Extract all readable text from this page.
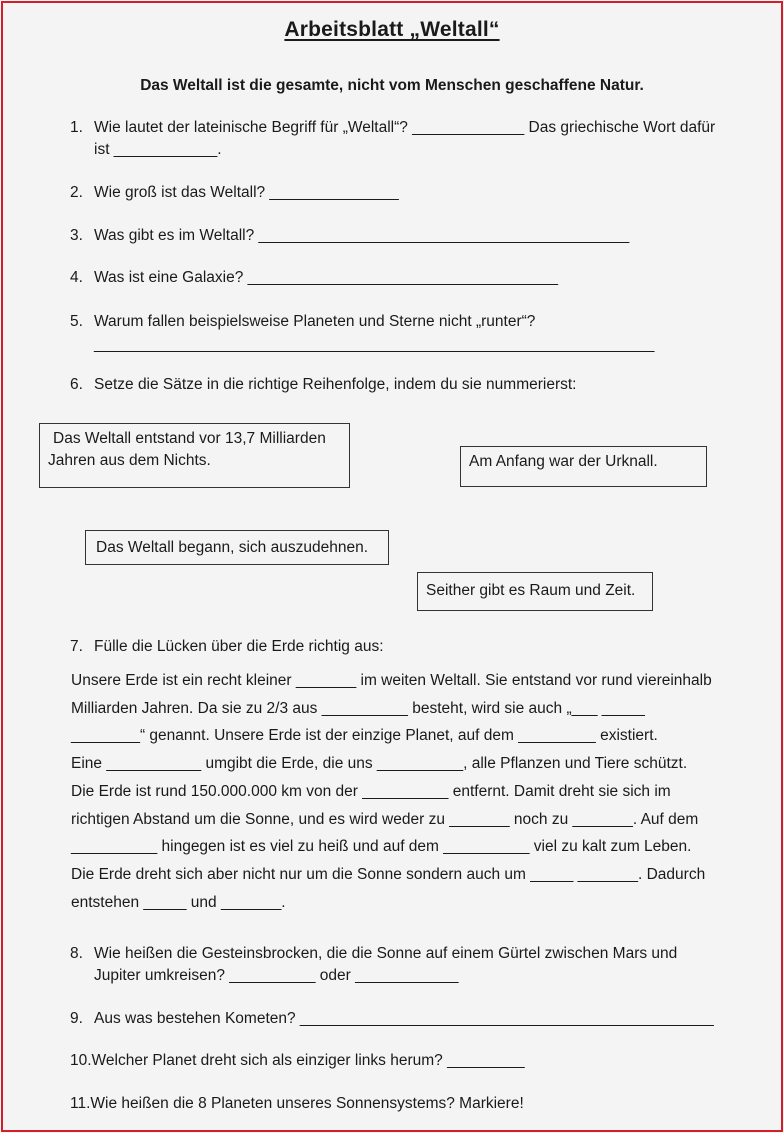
Arbeitsblatt „Weltall“
Das Weltall ist die gesamte, nicht vom Menschen geschaffene Natur.
1. Wie lautet der lateinische Begriff für „Weltall“? _____________ Das griechische Wort dafür
ist ____________.
2. Wie groß ist das Weltall? _______________
3. Was gibt es im Weltall? ___________________________________________
4. Was ist eine Galaxie? ____________________________________
5. Warum fallen beispielsweise Planeten und Sterne nicht „runter“?
_________________________________________________________________
6. Setze die Sätze in die richtige Reihenfolge, indem du sie nummerierst:
Das Weltall entstand vor 13,7 Milliarden
Jahren aus dem Nichts.	Am Anfang war der Urknall.
Das Weltall begann, sich auszudehnen.
Seither gibt es Raum und Zeit.
7. Fülle die Lücken über die Erde richtig aus:
Unsere Erde ist ein recht kleiner _______ im weiten Weltall. Sie entstand vor rund viereinhalb
Milliarden Jahren. Da sie zu 2/3 aus __________ besteht, wird sie auch „___ _____
________“ genannt. Unsere Erde ist der einzige Planet, auf dem _________ existiert.
Eine ___________ umgibt die Erde, die uns __________, alle Pflanzen und Tiere schützt.
Die Erde ist rund 150.000.000 km von der __________ entfernt. Damit dreht sie sich im
richtigen Abstand um die Sonne, und es wird weder zu _______ noch zu _______. Auf dem
__________ hingegen ist es viel zu heiß und auf dem __________ viel zu kalt zum Leben.
Die Erde dreht sich aber nicht nur um die Sonne sondern auch um _____ _______. Dadurch
entstehen _____ und _______.
8. Wie heißen die Gesteinsbrocken, die die Sonne auf einem Gürtel zwischen Mars und
Jupiter umkreisen? __________ oder ____________
9. Aus was bestehen Kometen? ________________________________________________
10.Welcher Planet dreht sich als einziger links herum? _________
11.Wie heißen die 8 Planeten unseres Sonnensystems? Markiere!
